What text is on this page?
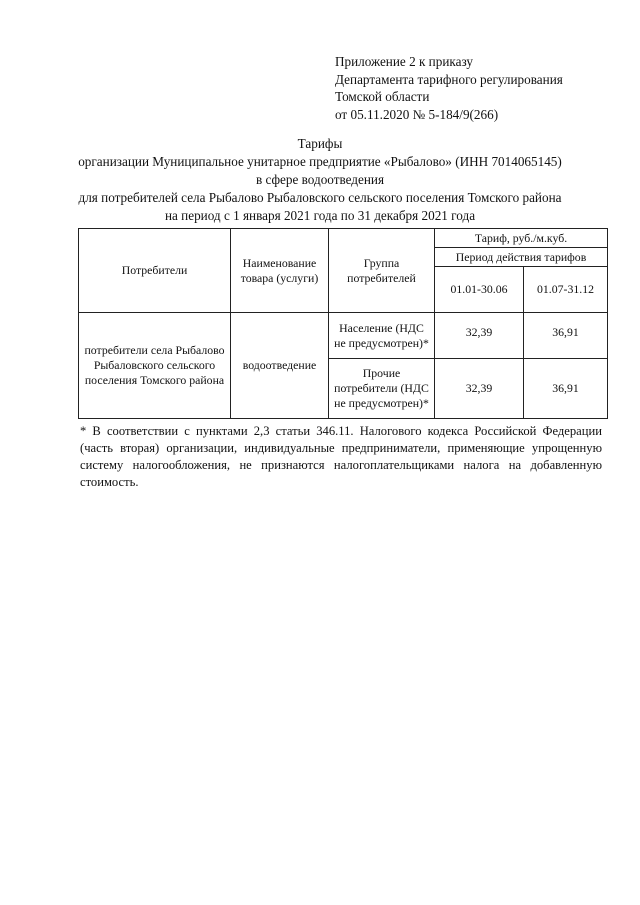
Приложение 2 к приказу
Департамента тарифного регулирования
Томской области
от 05.11.2020 № 5-184/9(266)
Тарифы
организации Муниципальное унитарное предприятие «Рыбалово» (ИНН 7014065145)
в сфере водоотведения
для потребителей села Рыбалово Рыбаловского сельского поселения Томского района
на период с 1 января 2021 года по 31 декабря 2021 года
Потребители	Наименование товара (услуги)	Группа потребителей	Тариф, руб./м.куб.	
			Период действия тарифов	
			01.01-30.06	01.07-31.12
потребители села Рыбалово Рыбаловского сельского поселения Томского района	водоотведение	Население (НДС не предусмотрен)*	32,39	36,91
		Прочие потребители (НДС не предусмотрен)*	32,39	36,91
* В соответствии с пунктами 2,3 статьи 346.11. Налогового кодекса Российской Федерации (часть вторая) организации, индивидуальные предприниматели, применяющие упрощенную систему налогообложения, не признаются налогоплательщиками налога на добавленную стоимость.
